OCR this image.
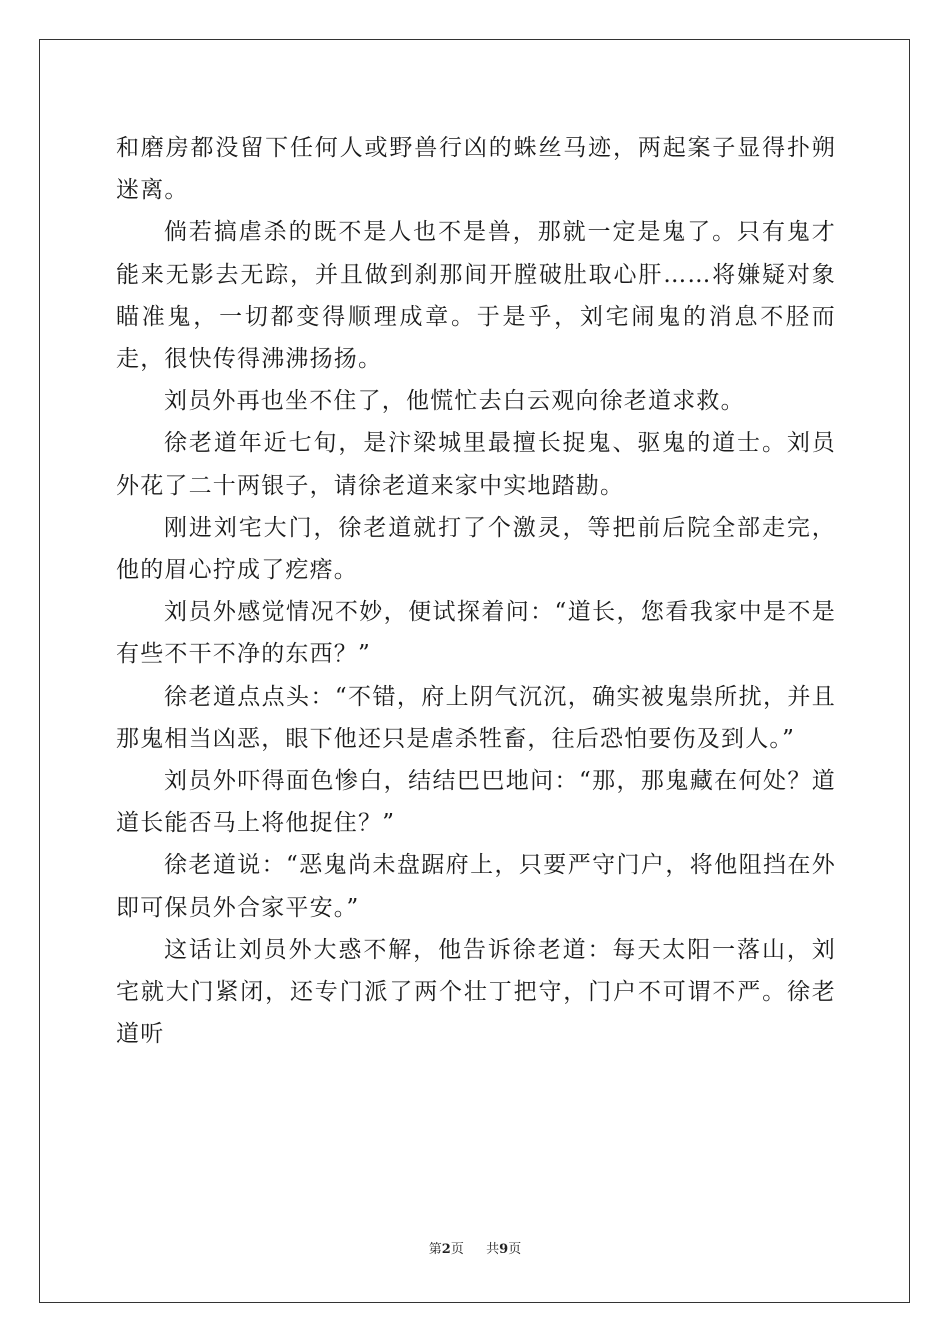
和磨房都没留下任何人或野兽行凶的蛛丝马迹，两起案子显得扑朔迷离。

倘若搞虐杀的既不是人也不是兽，那就一定是鬼了。只有鬼才能来无影去无踪，并且做到刹那间开膛破肚取心肝……将嫌疑对象瞄准鬼，一切都变得顺理成章。于是乎，刘宅闹鬼的消息不胫而走，很快传得沸沸扬扬。

刘员外再也坐不住了，他慌忙去白云观向徐老道求救。

徐老道年近七旬，是汴梁城里最擅长捉鬼、驱鬼的道士。刘员外花了二十两银子，请徐老道来家中实地踏勘。

刚进刘宅大门，徐老道就打了个激灵，等把前后院全部走完，他的眉心拧成了疙瘩。

刘员外感觉情况不妙，便试探着问：“道长，您看我家中是不是有些不干不净的东西？”

徐老道点点头：“不错，府上阴气沉沉，确实被鬼祟所扰，并且那鬼相当凶恶，眼下他还只是虐杀牲畜，往后恐怕要伤及到人。”

刘员外吓得面色惨白，结结巴巴地问：“那，那鬼藏在何处？道道长能否马上将他捉住？”

徐老道说：“恶鬼尚未盘踞府上，只要严守门户，将他阻挡在外即可保员外合家平安。”

这话让刘员外大惑不解，他告诉徐老道：每天太阳一落山，刘宅就大门紧闭，还专门派了两个壮丁把守，门户不可谓不严。徐老道听

第2页 共9页
